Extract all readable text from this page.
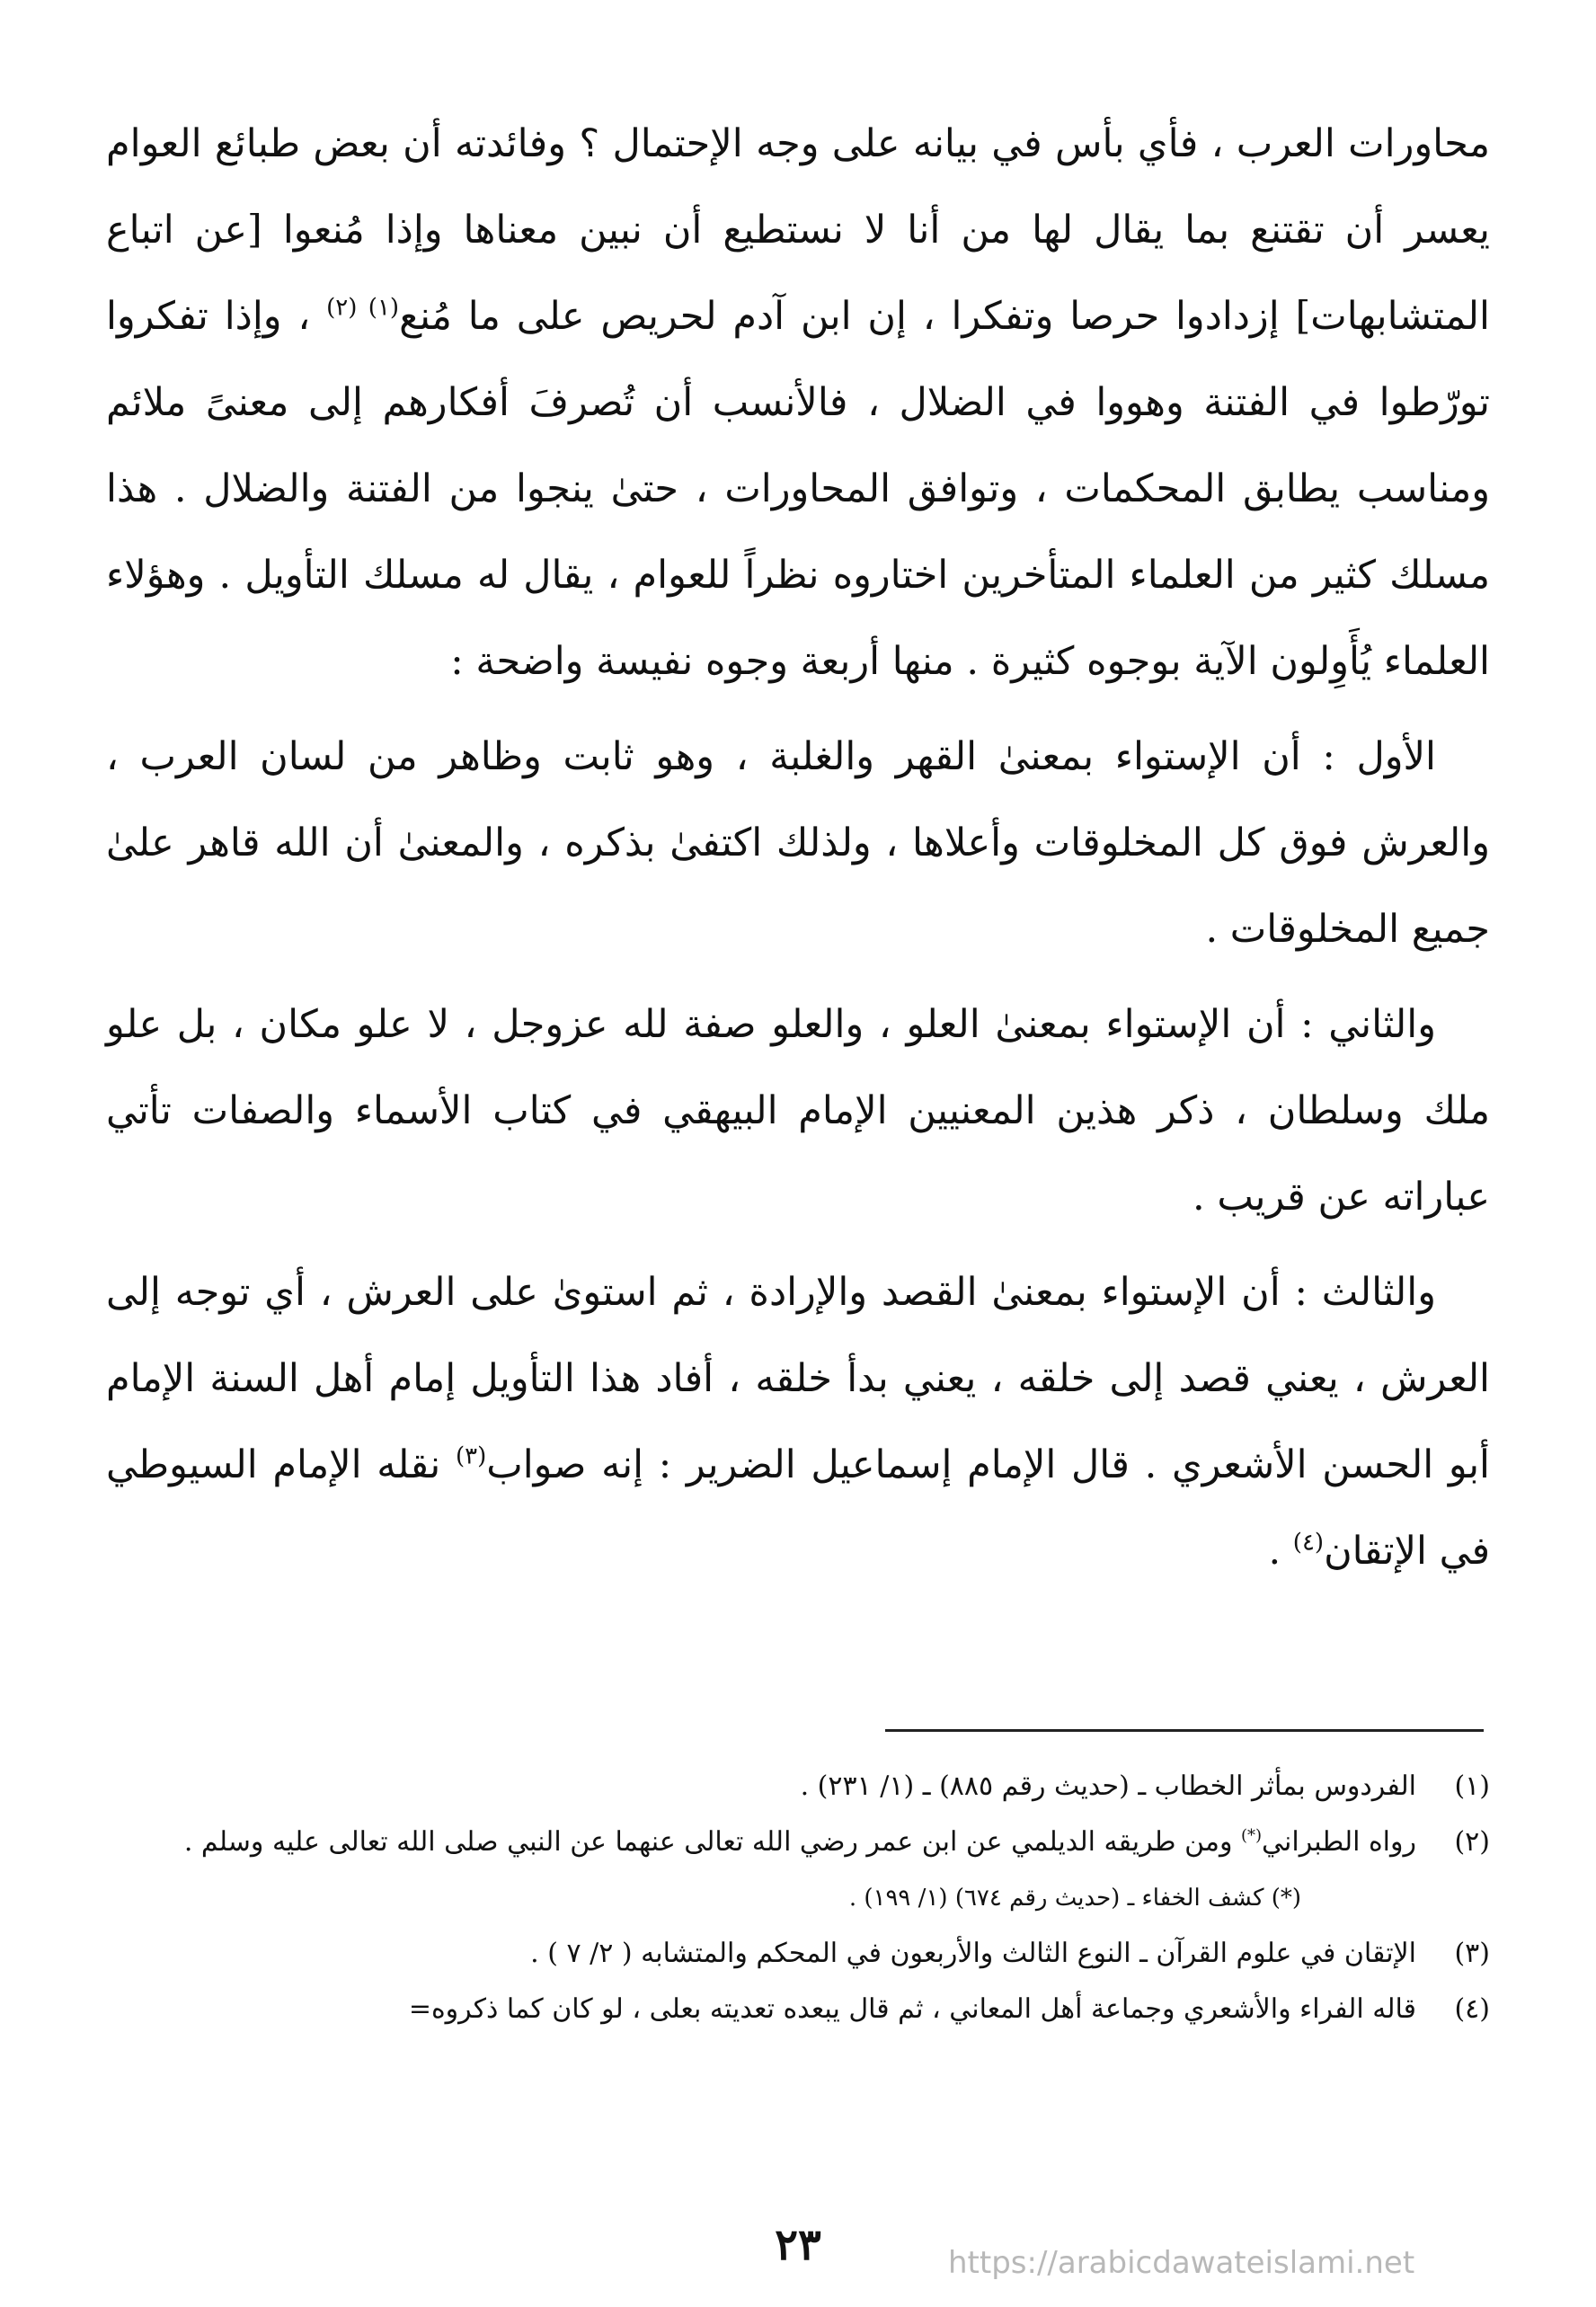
محاورات العرب ، فأي بأس في بيانه على وجه الإحتمال ؟ وفائدته أن بعض طبائع العوام يعسر أن تقتنع بما يقال لها من أنا لا نستطيع أن نبين معناها وإذا مُنعوا [عن اتباع المتشابهات] إزدادوا حرصا وتفكرا ، إن ابن آدم لحريص على ما مُنع$^{(١) (٢)}$ ، وإذا تفكروا تورّطوا في الفتنة وهووا في الضلال ، فالأنسب أن تُصرفَ أفكارهم إلى معنىً ملائم ومناسب يطابق المحكمات ، وتوافق المحاورات ، حتىٰ ينجوا من الفتنة والضلال . هذا مسلك كثير من العلماء المتأخرين اختاروه نظراً للعوام ، يقال له مسلك التأويل . وهؤلاء العلماء يُأَوِلون الآية بوجوه كثيرة . منها أربعة وجوه نفيسة واضحة :

الأول : أن الإستواء بمعنىٰ القهر والغلبة ، وهو ثابت وظاهر من لسان العرب ، والعرش فوق كل المخلوقات وأعلاها ، ولذلك اكتفىٰ بذكره ، والمعنىٰ أن الله قاهر علىٰ جميع المخلوقات .

والثاني : أن الإستواء بمعنىٰ العلو ، والعلو صفة لله عزوجل ، لا علو مكان ، بل علو ملك وسلطان ، ذكر هذين المعنيين الإمام البيهقي في كتاب الأسماء والصفات تأتي عباراته عن قريب .

والثالث : أن الإستواء بمعنىٰ القصد والإرادة ، ثم استوىٰ على العرش ، أي توجه إلى العرش ، يعني قصد إلى خلقه ، يعني بدأ خلقه ، أفاد هذا التأويل إمام أهل السنة الإمام أبو الحسن الأشعري . قال الإمام إسماعيل الضرير : إنه صواب$^{(٣)}$ نقله الإمام السيوطي في الإتقان$^{(٤)}$ .

(١)
الفردوس بمأثر الخطاب ـ (حديث رقم ٨٨٥) ـ (١/ ٢٣١) .
(٢)
رواه الطبراني(*) ومن طريقه الديلمي عن ابن عمر رضي الله تعالى عنهما عن النبي صلى الله تعالى عليه وسلم .
(*) كشف الخفاء ـ (حديث رقم ٦٧٤) (١/ ١٩٩) .
(٣)
الإتقان في علوم القرآن ـ النوع الثالث والأربعون في المحكم والمتشابه ( ٢/ ٧ ) .
(٤)
قاله الفراء والأشعري وجماعة أهل المعاني ، ثم قال يبعده تعديته بعلى ، لو كان كما ذكروه=
٢٣	https://arabicdawateislami.net
